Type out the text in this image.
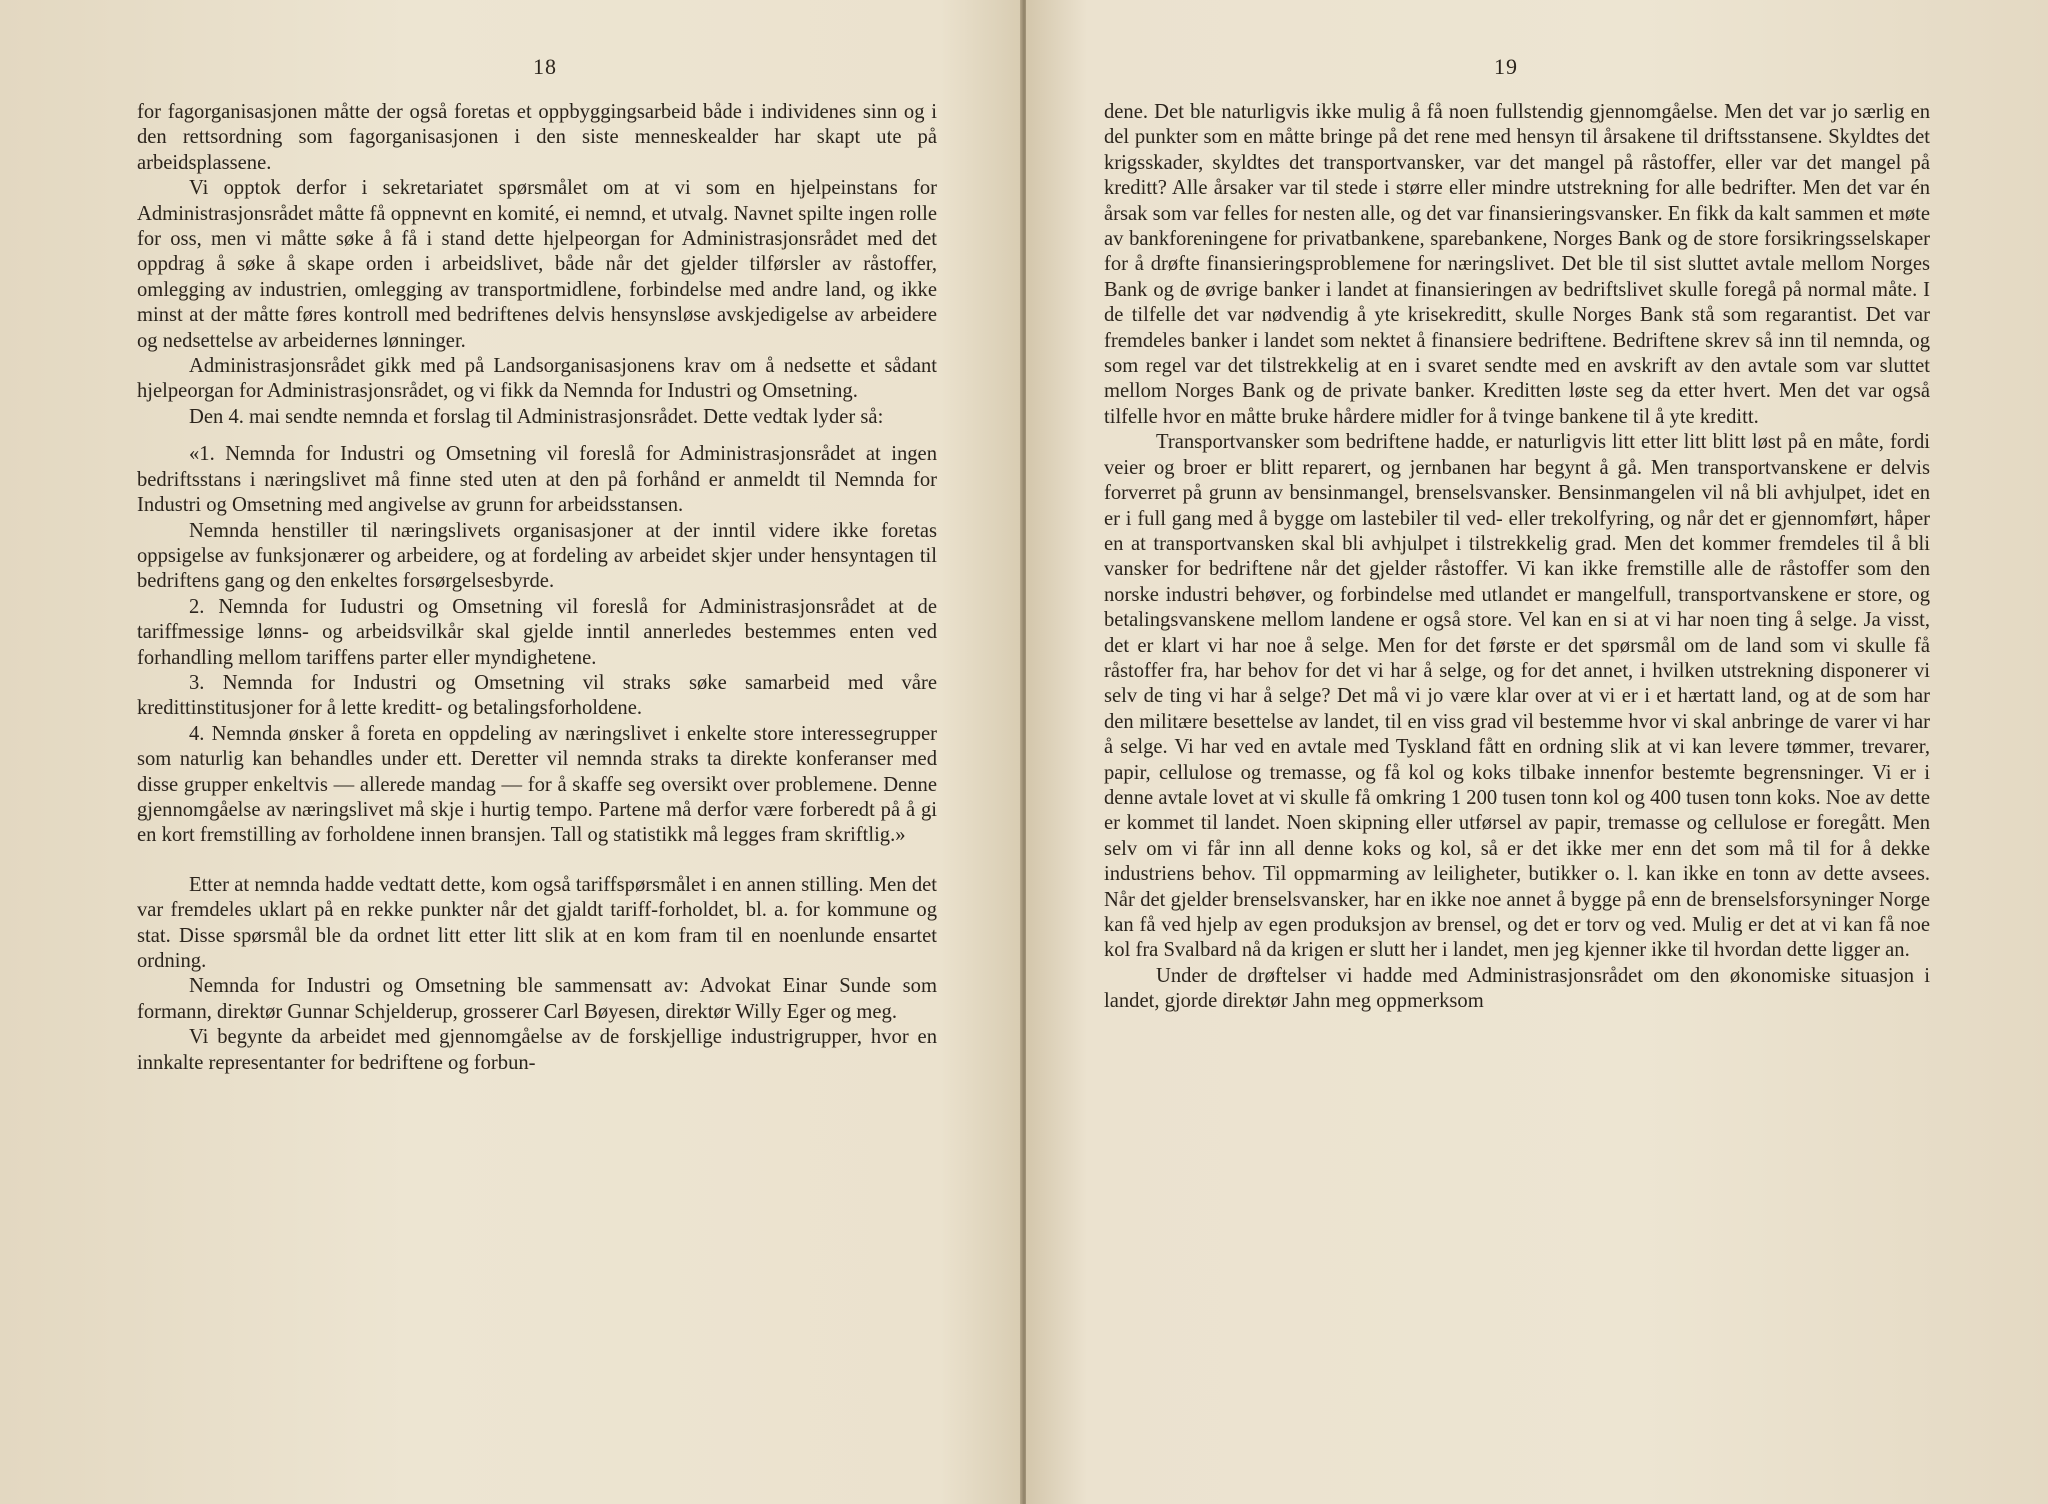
18

for fagorganisasjonen måtte der også foretas et oppbyggingsarbeid både i individenes sinn og i den rettsordning som fagorganisasjonen i den siste menneskealder har skapt ute på arbeidsplassene.

Vi opptok derfor i sekretariatet spørsmålet om at vi som en hjelpeinstans for Administrasjonsrådet måtte få oppnevnt en komité, ei nemnd, et utvalg. Navnet spilte ingen rolle for oss, men vi måtte søke å få i stand dette hjelpeorgan for Administrasjonsrådet med det oppdrag å søke å skape orden i arbeidslivet, både når det gjelder tilførsler av råstoffer, omlegging av industrien, omlegging av transportmidlene, forbindelse med andre land, og ikke minst at der måtte føres kontroll med bedriftenes delvis hensynsløse avskjedigelse av arbeidere og nedsettelse av arbeidernes lønninger.

Administrasjonsrådet gikk med på Landsorganisasjonens krav om å nedsette et sådant hjelpeorgan for Administrasjonsrådet, og vi fikk da Nemnda for Industri og Omsetning.

Den 4. mai sendte nemnda et forslag til Administrasjonsrådet. Dette vedtak lyder så:

«1. Nemnda for Industri og Omsetning vil foreslå for Administrasjonsrådet at ingen bedriftsstans i næringslivet må finne sted uten at den på forhånd er anmeldt til Nemnda for Industri og Omsetning med angivelse av grunn for arbeidsstansen.

Nemnda henstiller til næringslivets organisasjoner at der inntil videre ikke foretas oppsigelse av funksjonærer og arbeidere, og at fordeling av arbeidet skjer under hensyntagen til bedriftens gang og den enkeltes forsørgelsesbyrde.

2. Nemnda for Iudustri og Omsetning vil foreslå for Administrasjonsrådet at de tariffmessige lønns- og arbeidsvilkår skal gjelde inntil annerledes bestemmes enten ved forhandling mellom tariffens parter eller myndighetene.

3. Nemnda for Industri og Omsetning vil straks søke samarbeid med våre kredittinstitusjoner for å lette kreditt- og betalingsforholdene.

4. Nemnda ønsker å foreta en oppdeling av næringslivet i enkelte store interessegrupper som naturlig kan behandles under ett. Deretter vil nemnda straks ta direkte konferanser med disse grupper enkeltvis — allerede mandag — for å skaffe seg oversikt over problemene. Denne gjennomgåelse av næringslivet må skje i hurtig tempo. Partene må derfor være forberedt på å gi en kort fremstilling av forholdene innen bransjen. Tall og statistikk må legges fram skriftlig.»

Etter at nemnda hadde vedtatt dette, kom også tariffspørsmålet i en annen stilling. Men det var fremdeles uklart på en rekke punkter når det gjaldt tariff-forholdet, bl. a. for kommune og stat. Disse spørsmål ble da ordnet litt etter litt slik at en kom fram til en noenlunde ensartet ordning.

Nemnda for Industri og Omsetning ble sammensatt av: Advokat Einar Sunde som formann, direktør Gunnar Schjelderup, grosserer Carl Bøyesen, direktør Willy Eger og meg.

Vi begynte da arbeidet med gjennomgåelse av de forskjellige industrigrupper, hvor en innkalte representanter for bedriftene og forbun-

19

dene. Det ble naturligvis ikke mulig å få noen fullstendig gjennomgåelse. Men det var jo særlig en del punkter som en måtte bringe på det rene med hensyn til årsakene til driftsstansene. Skyldtes det krigsskader, skyldtes det transportvansker, var det mangel på råstoffer, eller var det mangel på kreditt? Alle årsaker var til stede i større eller mindre utstrekning for alle bedrifter. Men det var én årsak som var felles for nesten alle, og det var finansieringsvansker. En fikk da kalt sammen et møte av bankforeningene for privatbankene, sparebankene, Norges Bank og de store forsikringsselskaper for å drøfte finansieringsproblemene for næringslivet. Det ble til sist sluttet avtale mellom Norges Bank og de øvrige banker i landet at finansieringen av bedriftslivet skulle foregå på normal måte. I de tilfelle det var nødvendig å yte krisekreditt, skulle Norges Bank stå som regarantist. Det var fremdeles banker i landet som nektet å finansiere bedriftene. Bedriftene skrev så inn til nemnda, og som regel var det tilstrekkelig at en i svaret sendte med en avskrift av den avtale som var sluttet mellom Norges Bank og de private banker. Kreditten løste seg da etter hvert. Men det var også tilfelle hvor en måtte bruke hårdere midler for å tvinge bankene til å yte kreditt.

Transportvansker som bedriftene hadde, er naturligvis litt etter litt blitt løst på en måte, fordi veier og broer er blitt reparert, og jernbanen har begynt å gå. Men transportvanskene er delvis forverret på grunn av bensinmangel, brenselsvansker. Bensinmangelen vil nå bli avhjulpet, idet en er i full gang med å bygge om lastebiler til ved- eller trekolfyring, og når det er gjennomført, håper en at transportvansken skal bli avhjulpet i tilstrekkelig grad. Men det kommer fremdeles til å bli vansker for bedriftene når det gjelder råstoffer. Vi kan ikke fremstille alle de råstoffer som den norske industri behøver, og forbindelse med utlandet er mangelfull, transportvanskene er store, og betalingsvanskene mellom landene er også store. Vel kan en si at vi har noen ting å selge. Ja visst, det er klart vi har noe å selge. Men for det første er det spørsmål om de land som vi skulle få råstoffer fra, har behov for det vi har å selge, og for det annet, i hvilken utstrekning disponerer vi selv de ting vi har å selge? Det må vi jo være klar over at vi er i et hærtatt land, og at de som har den militære besettelse av landet, til en viss grad vil bestemme hvor vi skal anbringe de varer vi har å selge. Vi har ved en avtale med Tyskland fått en ordning slik at vi kan levere tømmer, trevarer, papir, cellulose og tremasse, og få kol og koks tilbake innenfor bestemte begrensninger. Vi er i denne avtale lovet at vi skulle få omkring 1 200 tusen tonn kol og 400 tusen tonn koks. Noe av dette er kommet til landet. Noen skipning eller utførsel av papir, tremasse og cellulose er foregått. Men selv om vi får inn all denne koks og kol, så er det ikke mer enn det som må til for å dekke industriens behov. Til oppmarming av leiligheter, butikker o. l. kan ikke en tonn av dette avsees. Når det gjelder brenselsvansker, har en ikke noe annet å bygge på enn de brenselsforsyninger Norge kan få ved hjelp av egen produksjon av brensel, og det er torv og ved. Mulig er det at vi kan få noe kol fra Svalbard nå da krigen er slutt her i landet, men jeg kjenner ikke til hvordan dette ligger an.

Under de drøftelser vi hadde med Administrasjonsrådet om den økonomiske situasjon i landet, gjorde direktør Jahn meg oppmerksom
